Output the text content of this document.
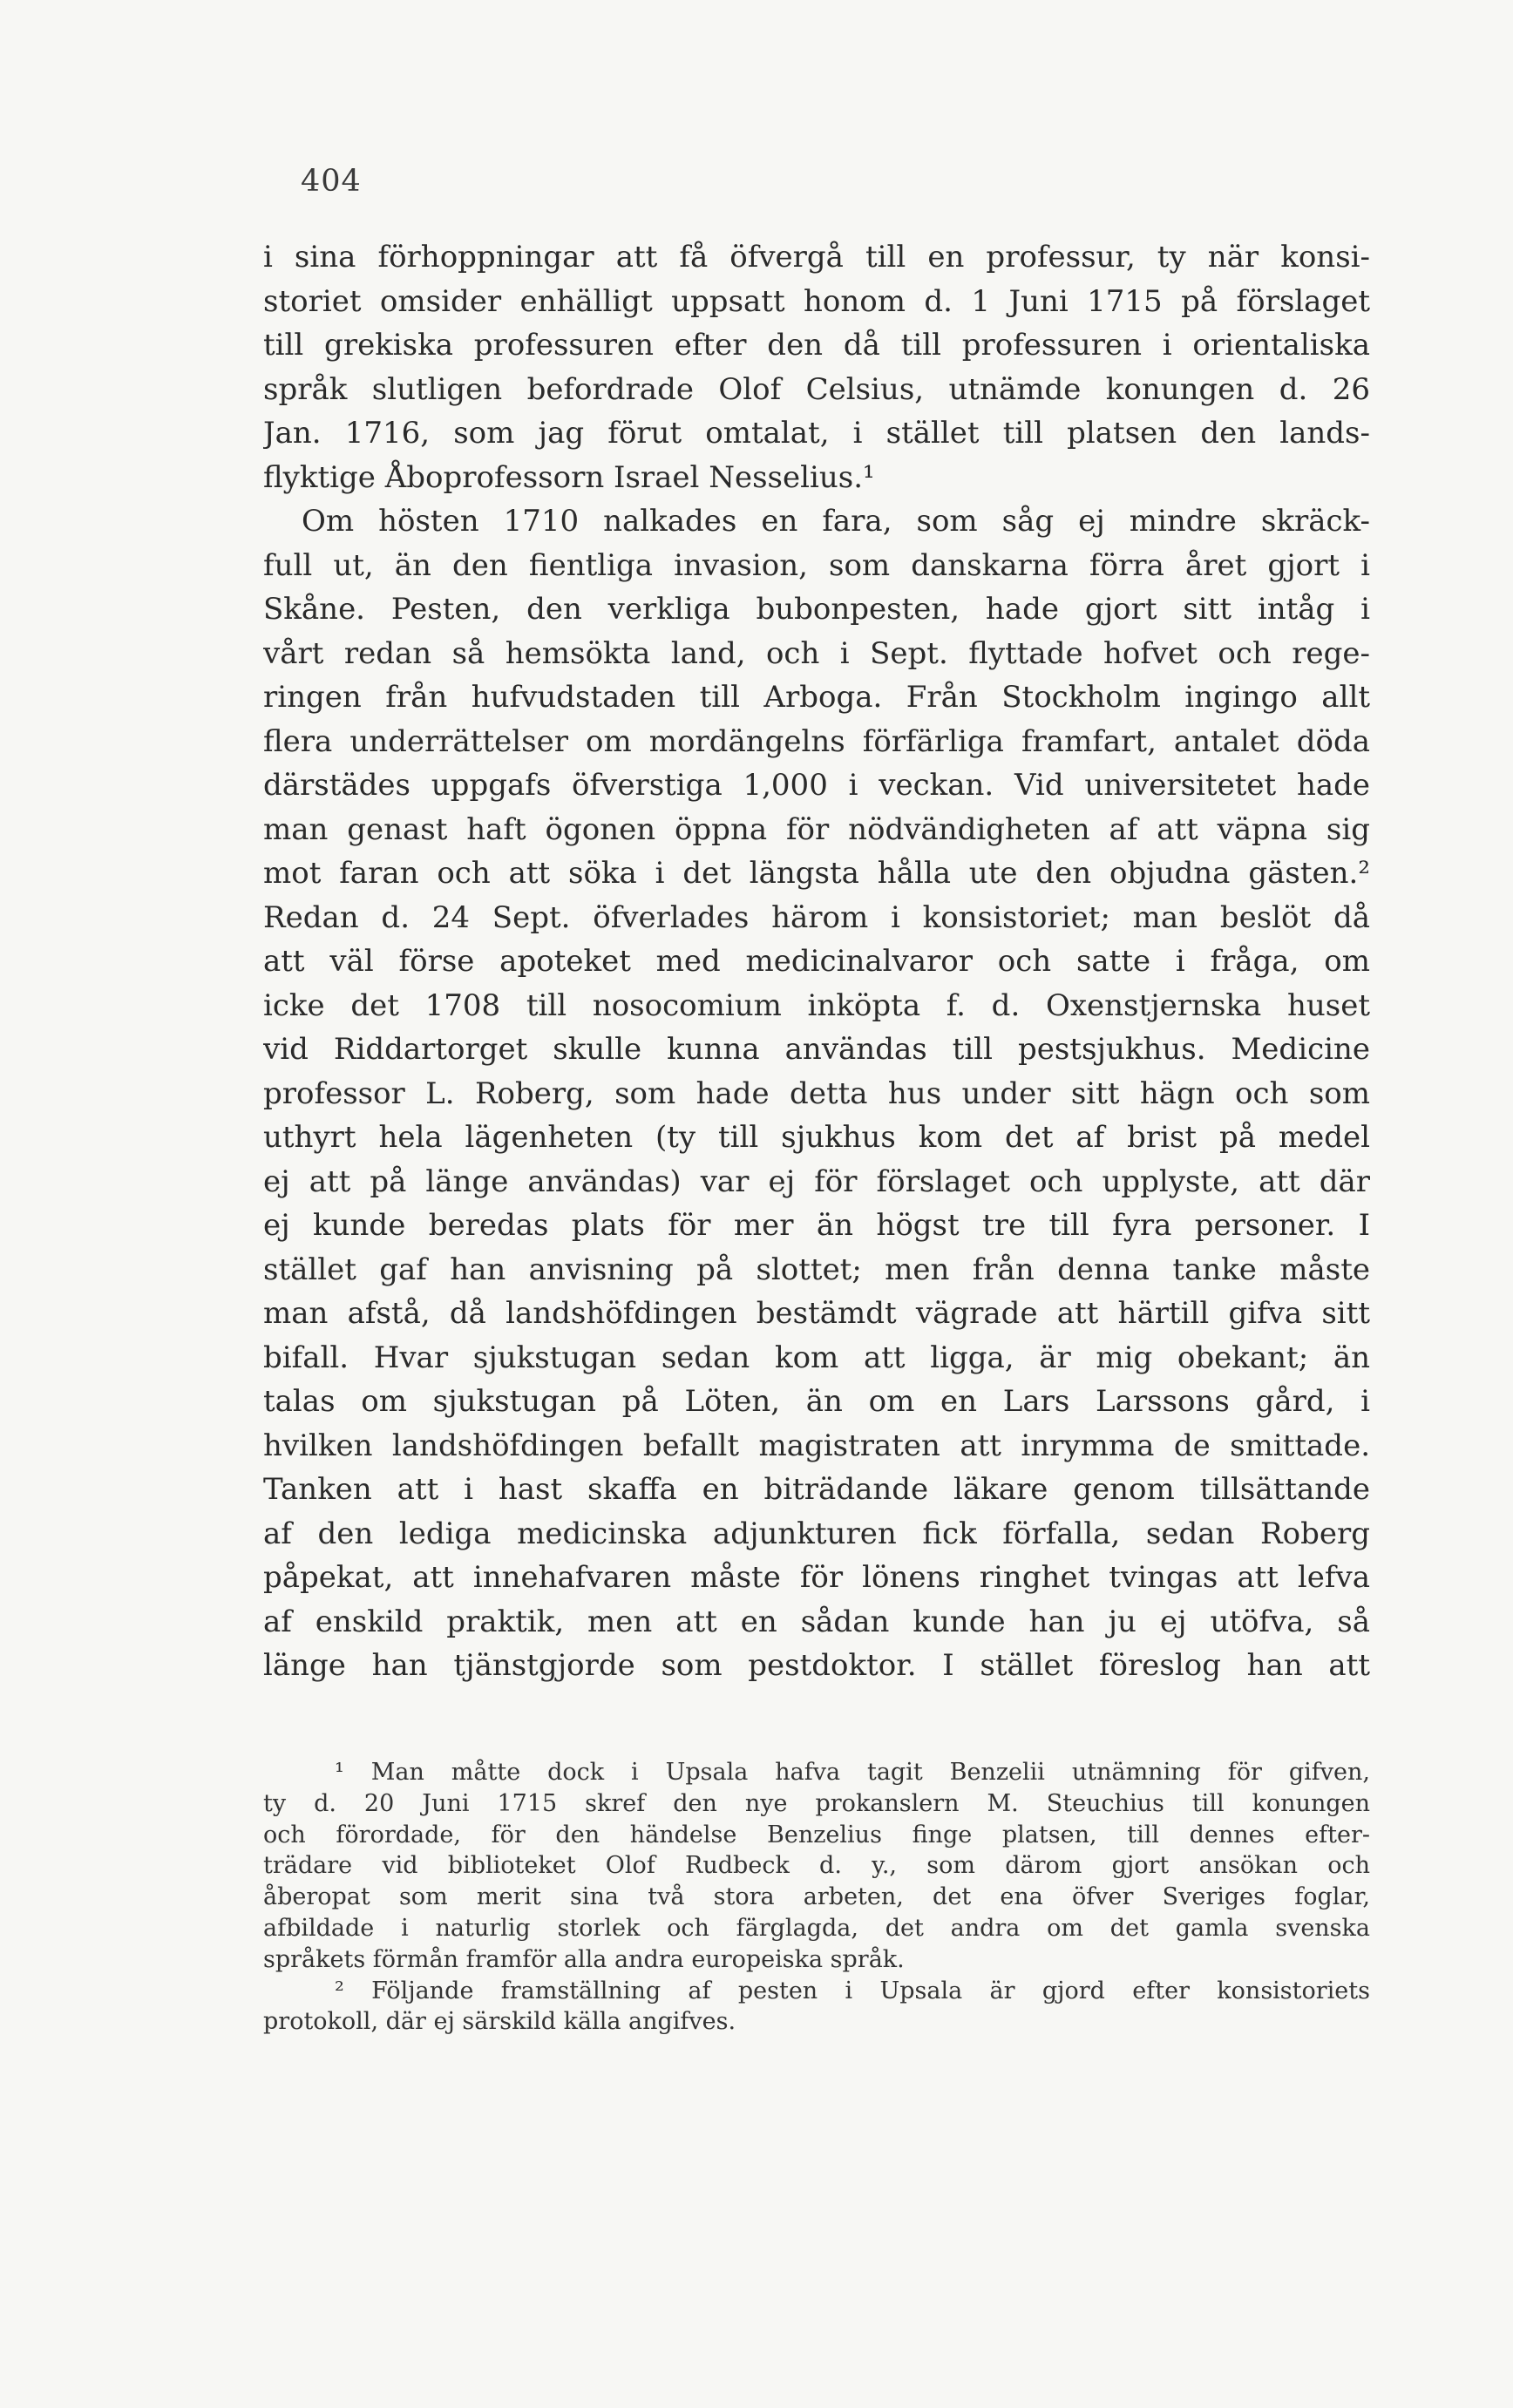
404
i sina förhoppningar att få öfvergå till en professur, ty när konsi-
storiet omsider enhälligt uppsatt honom d. 1 Juni 1715 på förslaget
till grekiska professuren efter den då till professuren i orientaliska
språk slutligen befordrade Olof Celsius, utnämde konungen d. 26
Jan. 1716, som jag förut omtalat, i stället till platsen den lands-
flyktige Åboprofessorn Israel Nesselius.¹
Om hösten 1710 nalkades en fara, som såg ej mindre skräck-
full ut, än den fientliga invasion, som danskarna förra året gjort i
Skåne. Pesten, den verkliga bubonpesten, hade gjort sitt intåg i
vårt redan så hemsökta land, och i Sept. flyttade hofvet och rege-
ringen från hufvudstaden till Arboga. Från Stockholm ingingo allt
flera underrättelser om mordängelns förfärliga framfart, antalet döda
därstädes uppgafs öfverstiga 1,000 i veckan. Vid universitetet hade
man genast haft ögonen öppna för nödvändigheten af att väpna sig
mot faran och att söka i det längsta hålla ute den objudna gästen.²
Redan d. 24 Sept. öfverlades härom i konsistoriet; man beslöt då
att väl förse apoteket med medicinalvaror och satte i fråga, om
icke det 1708 till nosocomium inköpta f. d. Oxenstjernska huset
vid Riddartorget skulle kunna användas till pestsjukhus. Medicine
professor L. Roberg, som hade detta hus under sitt hägn och som
uthyrt hela lägenheten (ty till sjukhus kom det af brist på medel
ej att på länge användas) var ej för förslaget och upplyste, att där
ej kunde beredas plats för mer än högst tre till fyra personer. I
stället gaf han anvisning på slottet; men från denna tanke måste
man afstå, då landshöfdingen bestämdt vägrade att härtill gifva sitt
bifall. Hvar sjukstugan sedan kom att ligga, är mig obekant; än
talas om sjukstugan på Löten, än om en Lars Larssons gård, i
hvilken landshöfdingen befallt magistraten att inrymma de smittade.
Tanken att i hast skaffa en biträdande läkare genom tillsättande
af den lediga medicinska adjunkturen fick förfalla, sedan Roberg
påpekat, att innehafvaren måste för lönens ringhet tvingas att lefva
af enskild praktik, men att en sådan kunde han ju ej utöfva, så
länge han tjänstgjorde som pestdoktor. I stället föreslog han att
¹ Man måtte dock i Upsala hafva tagit Benzelii utnämning för gifven,
ty d. 20 Juni 1715 skref den nye prokanslern M. Steuchius till konungen
och förordade, för den händelse Benzelius finge platsen, till dennes efter-
trädare vid biblioteket Olof Rudbeck d. y., som därom gjort ansökan och
åberopat som merit sina två stora arbeten, det ena öfver Sveriges foglar,
afbildade i naturlig storlek och färglagda, det andra om det gamla svenska
språkets förmån framför alla andra europeiska språk.
² Följande framställning af pesten i Upsala är gjord efter konsistoriets
protokoll, där ej särskild källa angifves.
